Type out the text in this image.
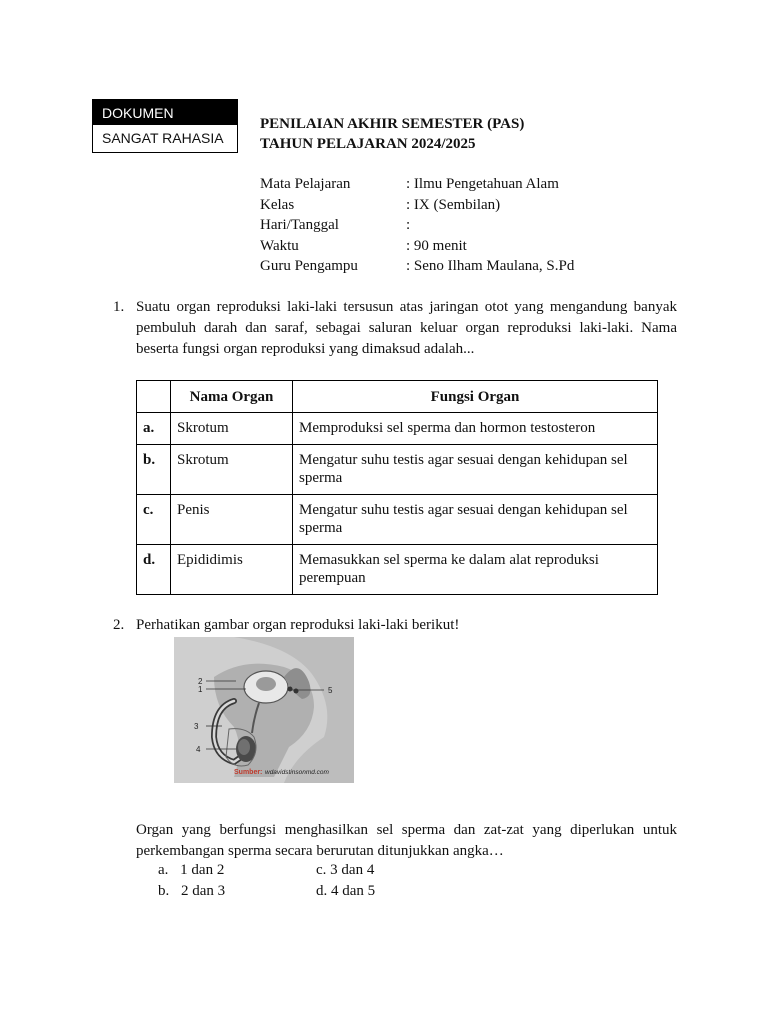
DOKUMEN
SANGAT RAHASIA
PENILAIAN AKHIR SEMESTER (PAS)
TAHUN PELAJARAN 2024/2025
Mata Pelajaran	: Ilmu Pengetahuan Alam
Kelas	: IX (Sembilan)
Hari/Tanggal	:
Waktu	: 90 menit
Guru Pengampu	: Seno Ilham Maulana, S.Pd
1. Suatu organ reproduksi laki-laki tersusun atas jaringan otot yang mengandung banyak pembuluh darah dan saraf, sebagai saluran keluar organ reproduksi laki-laki. Nama beserta fungsi organ reproduksi yang dimaksud adalah...
	Nama Organ	Fungsi Organ
a.	Skrotum	Memproduksi sel sperma dan hormon testosteron
b.	Skrotum	Mengatur suhu testis agar sesuai dengan kehidupan sel sperma
c.	Penis	Mengatur suhu testis agar sesuai dengan kehidupan sel sperma
d.	Epididimis	Memasukkan sel sperma ke dalam alat reproduksi perempuan
2. Perhatikan gambar organ reproduksi laki-laki berikut!
2
1
3
4
5
Sumber: wdavidstinsonmd.com
Organ yang berfungsi menghasilkan sel sperma dan zat-zat yang diperlukan untuk perkembangan sperma secara berurutan ditunjukkan angka…
a. 1 dan 2
b. 2 dan 3
c. 3 dan 4
d. 4 dan 5
